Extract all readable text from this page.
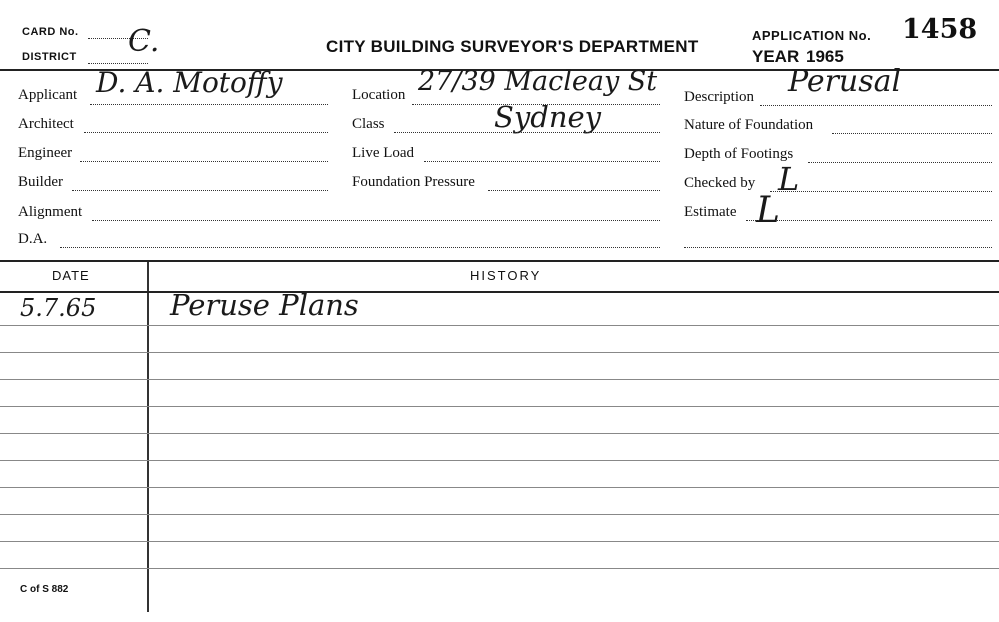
CARD No.
DISTRICT C.	CITY BUILDING SURVEYOR'S DEPARTMENT
APPLICATION No. 1458
YEAR 1965
Applicant D. A. Motoffy
Architect
Engineer
Builder
Alignment
D.A.
Location 27/39 Macleay St
Sydney
Class
Live Load
Foundation Pressure
Description Perusal
Nature of Foundation
Depth of Footings
Checked by L
Estimate L
DATE	HISTORY
5.7.65	Peruse Plans
C of S 882
